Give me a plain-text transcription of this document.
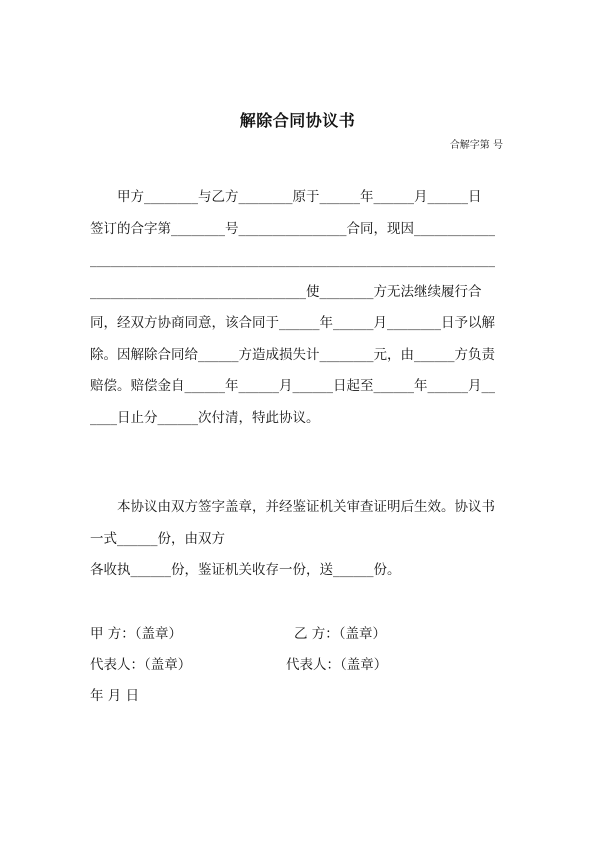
解除合同协议书
合解字第 号
甲方________与乙方________原于______年______月______日
签订的合字第________号________________合同，现因____________
____________________________________________________________
________________________________使________方无法继续履行合
同，经双方协商同意，该合同于______年______月________日予以解
除。因解除合同给______方造成损失计________元，由______方负责
赔偿。赔偿金自______年______月______日起至______年______月__
____日止分______次付清，特此协议。
本协议由双方签字盖章，并经鉴证机关审查证明后生效。协议书
一式______份，由双方
各收执______份，鉴证机关收存一份，送______份。
甲 方：（盖章）	乙 方：（盖章）
代表人：（盖章）	代表人：（盖章）
年 月 日
